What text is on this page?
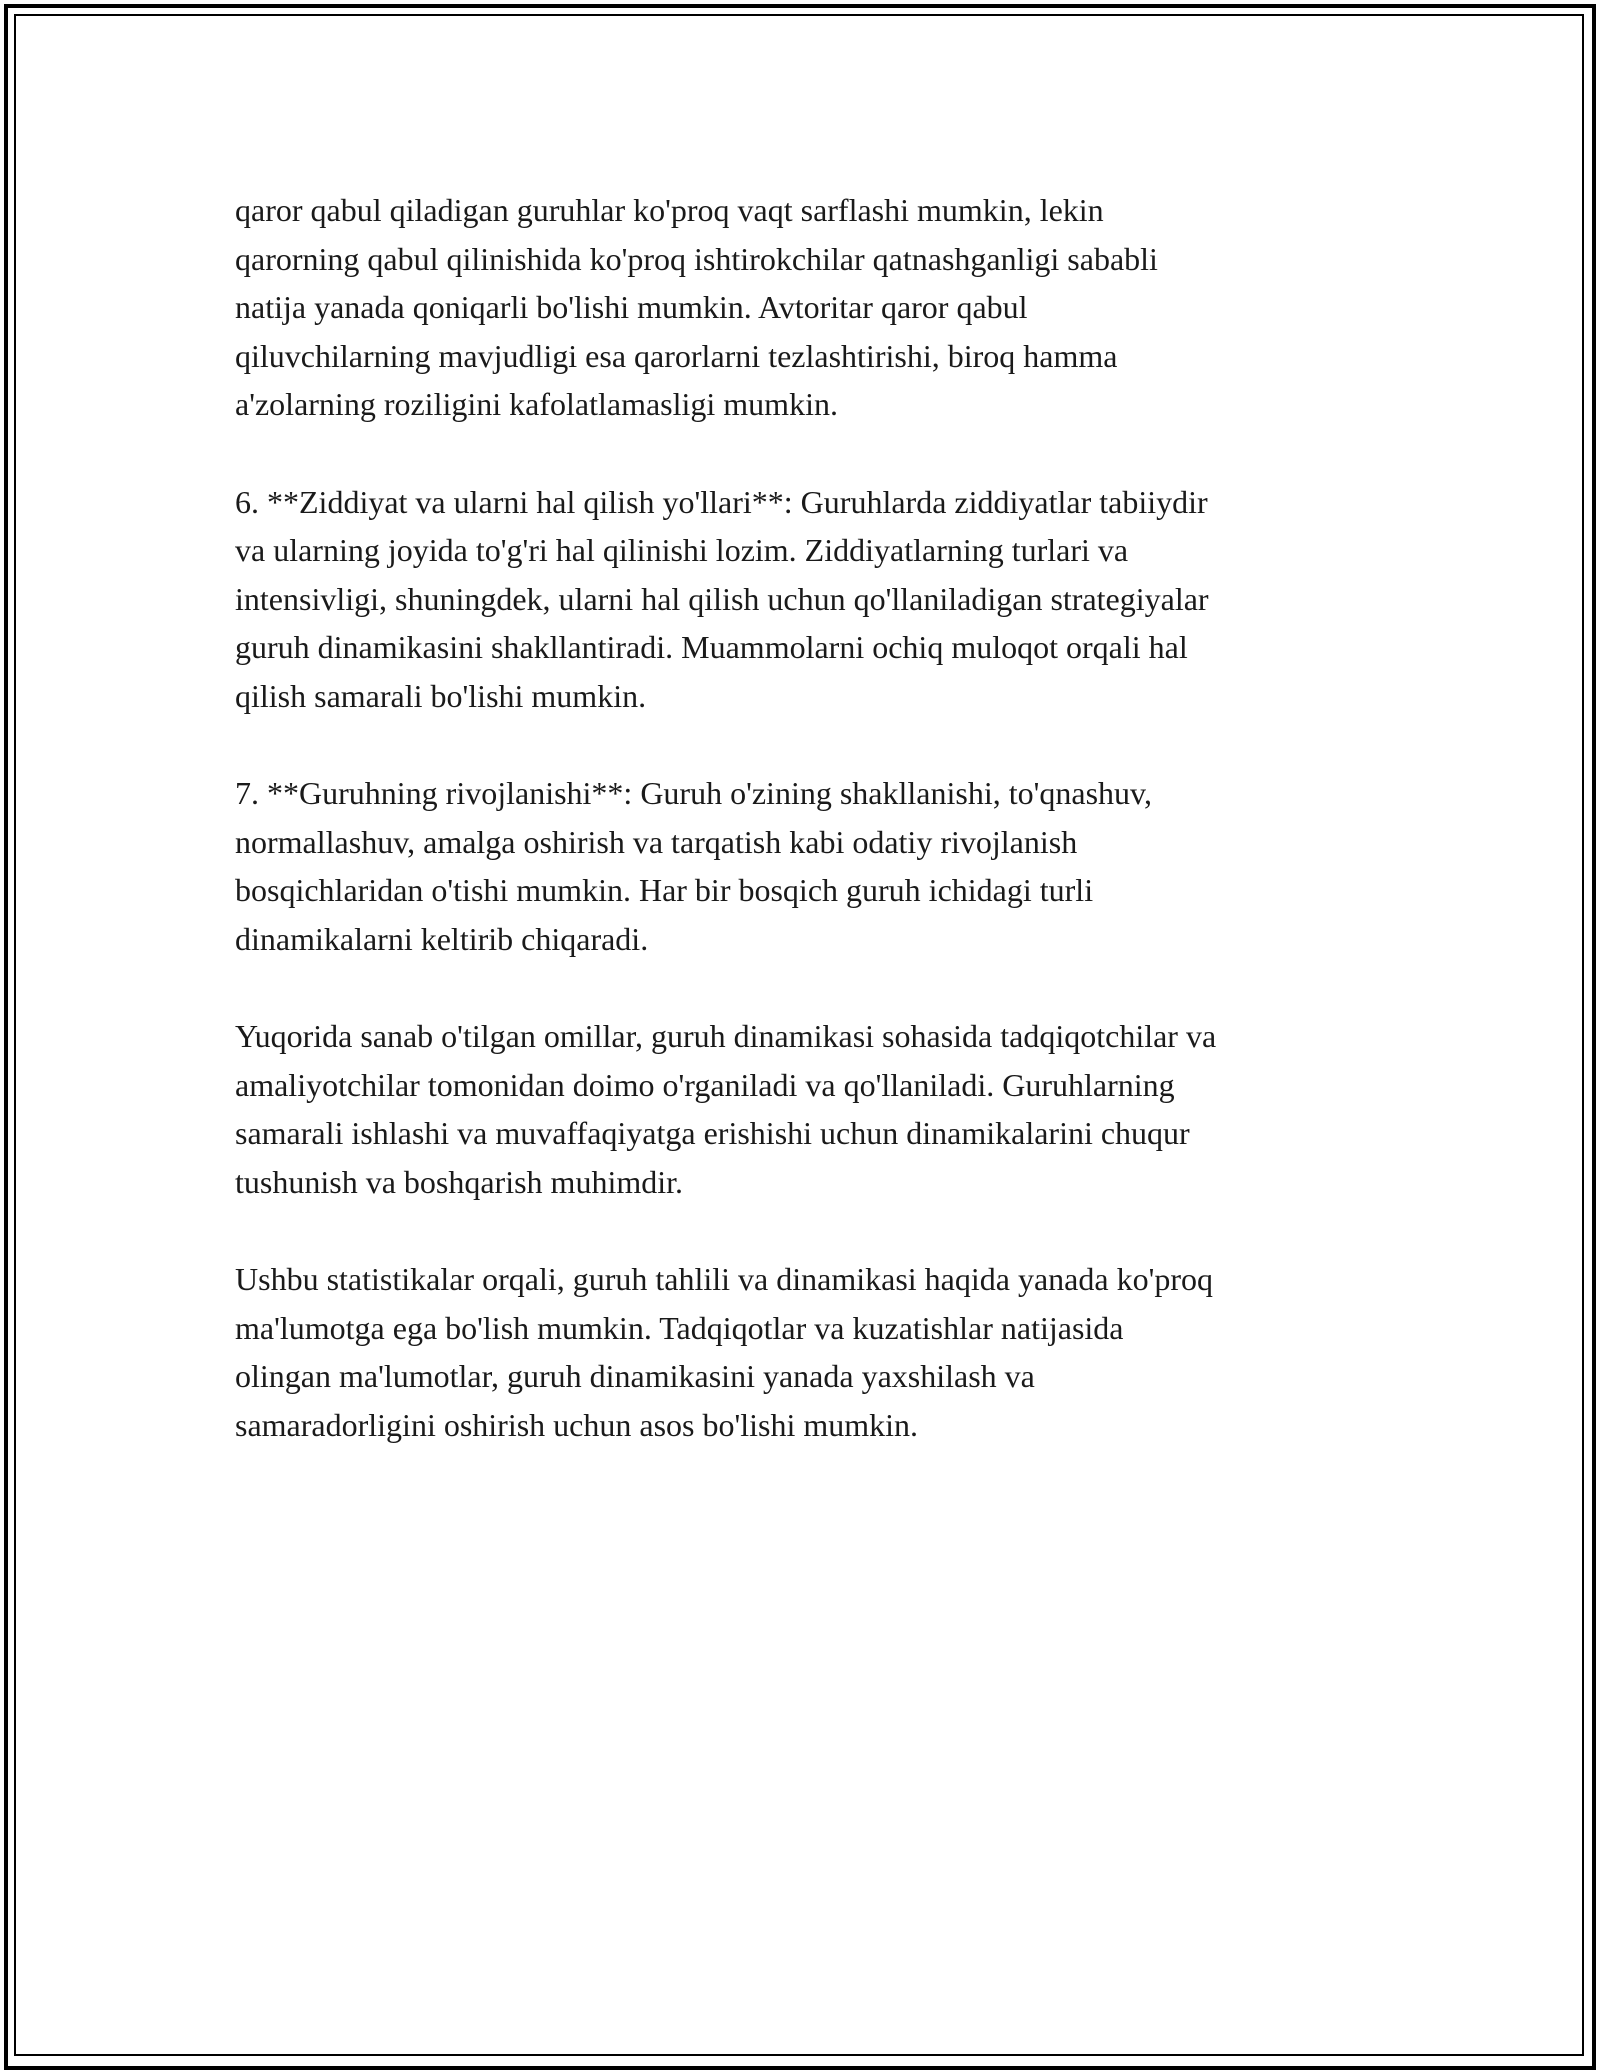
qaror qabul qiladigan guruhlar ko'proq vaqt sarflashi mumkin, lekin
qarorning qabul qilinishida ko'proq ishtirokchilar qatnashganligi sababli
natija yanada qoniqarli bo'lishi mumkin. Avtoritar qaror qabul
qiluvchilarning mavjudligi esa qarorlarni tezlashtirishi, biroq hamma
a'zolarning roziligini kafolatlamasligi mumkin.

6. **Ziddiyat va ularni hal qilish yo'llari**: Guruhlarda ziddiyatlar tabiiydir
va ularning joyida to'g'ri hal qilinishi lozim. Ziddiyatlarning turlari va
intensivligi, shuningdek, ularni hal qilish uchun qo'llaniladigan strategiyalar
guruh dinamikasini shakllantiradi. Muammolarni ochiq muloqot orqali hal
qilish samarali bo'lishi mumkin.

7. **Guruhning rivojlanishi**: Guruh o'zining shakllanishi, to'qnashuv,
normallashuv, amalga oshirish va tarqatish kabi odatiy rivojlanish
bosqichlaridan o'tishi mumkin. Har bir bosqich guruh ichidagi turli
dinamikalarni keltirib chiqaradi.

Yuqorida sanab o'tilgan omillar, guruh dinamikasi sohasida tadqiqotchilar va
amaliyotchilar tomonidan doimo o'rganiladi va qo'llaniladi. Guruhlarning
samarali ishlashi va muvaffaqiyatga erishishi uchun dinamikalarini chuqur
tushunish va boshqarish muhimdir.

Ushbu statistikalar orqali, guruh tahlili va dinamikasi haqida yanada ko'proq
ma'lumotga ega bo'lish mumkin. Tadqiqotlar va kuzatishlar natijasida
olingan ma'lumotlar, guruh dinamikasini yanada yaxshilash va
samaradorligini oshirish uchun asos bo'lishi mumkin.
